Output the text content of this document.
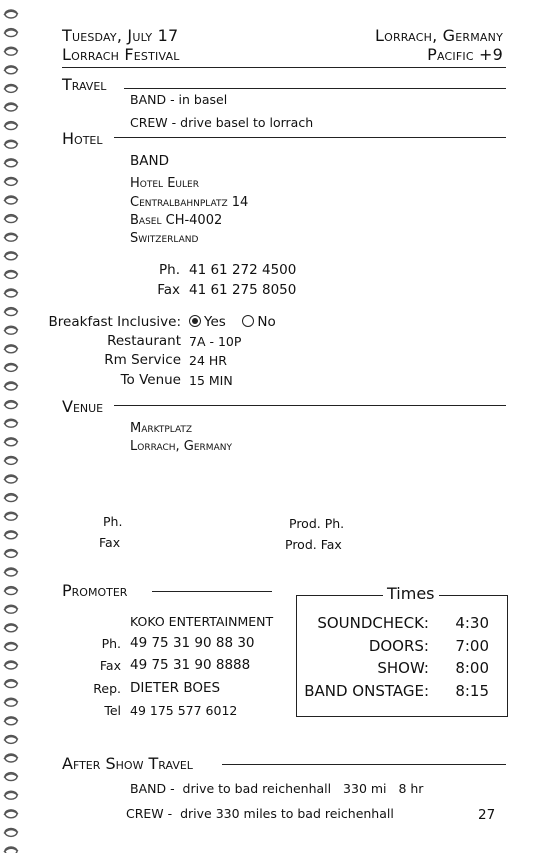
Tuesday, July 17
Lorrach Festival
Lorrach, Germany
Pacific +9
Travel
BAND - in basel
CREW - drive basel to lorrach
Hotel
BAND
Hotel Euler
Centralbahnplatz 14
Basel CH-4002
Switzerland
Ph. 41 61 272 4500
Fax 41 61 275 8050
Breakfast Inclusive:	Yes No
Restaurant 7A - 10P
Rm Service 24 HR
To Venue 15 MIN
Venue
Marktplatz
Lorrach, Germany
Ph.
Fax
Prod. Ph.
Prod. Fax
Promoter
KOKO ENTERTAINMENT
Ph. 49 75 31 90 88 30
Fax 49 75 31 90 8888
Rep. DIETER BOES
Tel 49 175 577 6012
Times
SOUNDCHECK:	4:30
DOORS:	7:00
SHOW:	8:00
BAND ONSTAGE:	8:15
After Show Travel
BAND -  drive to bad reichenhall   330 mi   8 hr
CREW -  drive 330 miles to bad reichenhall	27
